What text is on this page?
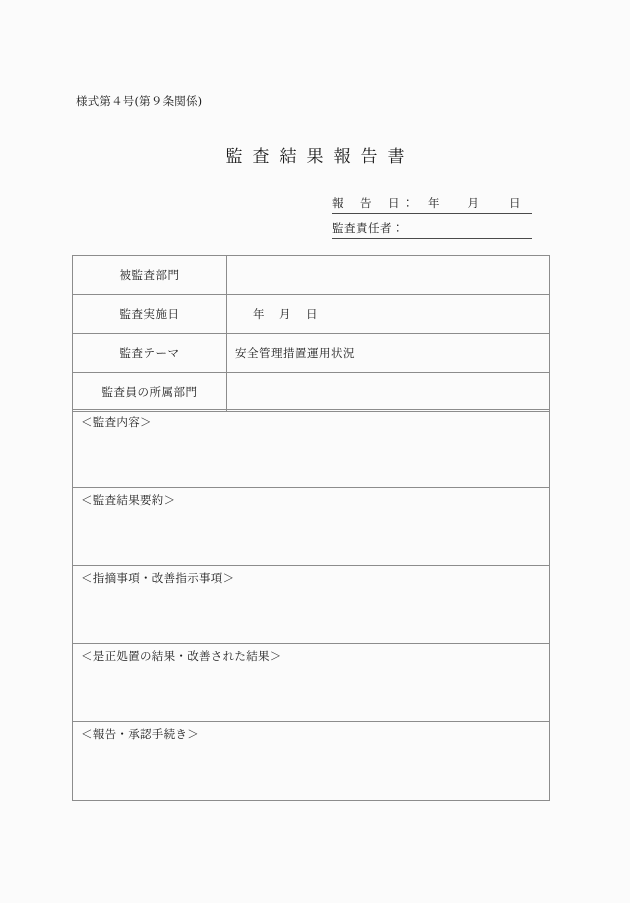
様式第４号(第９条関係)
監査結果報告書
報　告　日： 年 月	日
監査責任者：
被監査部門	
監査実施日	年 月 日
監査テーマ	安全管理措置運用状況
監査員の所属部門	
＜監査内容＞
＜監査結果要約＞
＜指摘事項・改善指示事項＞
＜是正処置の結果・改善された結果＞
＜報告・承認手続き＞
